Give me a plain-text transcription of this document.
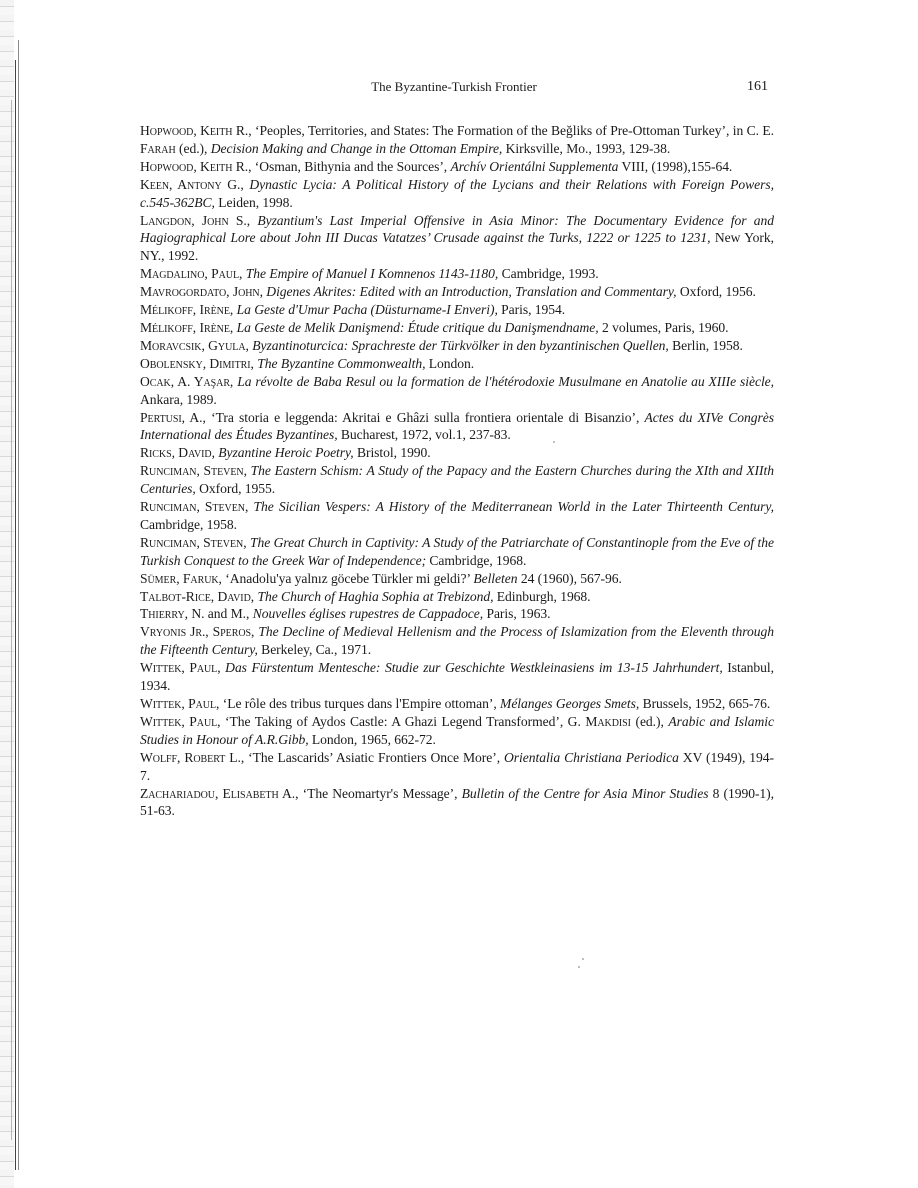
The Byzantine-Turkish Frontier	161

Hopwood, Keith R., ‘Peoples, Territories, and States: The Formation of the Beğliks of Pre-Ottoman Turkey’, in C. E. Farah (ed.), Decision Making and Change in the Ottoman Empire, Kirksville, Mo., 1993, 129-38.

Hopwood, Keith R., ‘Osman, Bithynia and the Sources’, Archív Orientálni Supplementa VIII, (1998),155-64.

Keen, Antony G., Dynastic Lycia: A Political History of the Lycians and their Relations with Foreign Powers, c.545-362BC, Leiden, 1998.

Langdon, John S., Byzantium's Last Imperial Offensive in Asia Minor: The Documentary Evidence for and Hagiographical Lore about John III Ducas Vatatzes’ Crusade against the Turks, 1222 or 1225 to 1231, New York, NY., 1992.

Magdalino, Paul, The Empire of Manuel I Komnenos 1143-1180, Cambridge, 1993.

Mavrogordato, John, Digenes Akrites: Edited with an Introduction, Translation and Commentary, Oxford, 1956.

Mélikoff, Irène, La Geste d'Umur Pacha (Düsturname-I Enveri), Paris, 1954.

Mélikoff, Irène, La Geste de Melik Danişmend: Étude critique du Danişmendname, 2 volumes, Paris, 1960.

Moravcsik, Gyula, Byzantinoturcica: Sprachreste der Türkvölker in den byzantinischen Quellen, Berlin, 1958.

Obolensky, Dimitri, The Byzantine Commonwealth, London.

Ocak, A. Yaşar, La révolte de Baba Resul ou la formation de l'hétérodoxie Musulmane en Anatolie au XIIIe siècle, Ankara, 1989.

Pertusi, A., ‘Tra storia e leggenda: Akritai e Ghâzi sulla frontiera orientale di Bisanzio’, Actes du XIVe Congrès International des Études Byzantines, Bucharest, 1972, vol.1, 237-83.

Ricks, David, Byzantine Heroic Poetry, Bristol, 1990.

Runciman, Steven, The Eastern Schism: A Study of the Papacy and the Eastern Churches during the XIth and XIIth Centuries, Oxford, 1955.

Runciman, Steven, The Sicilian Vespers: A History of the Mediterranean World in the Later Thirteenth Century, Cambridge, 1958.

Runciman, Steven, The Great Church in Captivity: A Study of the Patriarchate of Constantinople from the Eve of the Turkish Conquest to the Greek War of Independence; Cambridge, 1968.

Sümer, Faruk, ‘Anadolu'ya yalnız göcebe Türkler mi geldi?’ Belleten 24 (1960), 567-96.

Talbot-Rice, David, The Church of Haghia Sophia at Trebizond, Edinburgh, 1968.

Thierry, N. and M., Nouvelles églises rupestres de Cappadoce, Paris, 1963.

Vryonis Jr., Speros, The Decline of Medieval Hellenism and the Process of Islamization from the Eleventh through the Fifteenth Century, Berkeley, Ca., 1971.

Wittek, Paul, Das Fürstentum Mentesche: Studie zur Geschichte Westkleinasiens im 13-15 Jahrhundert, Istanbul, 1934.

Wittek, Paul, ‘Le rôle des tribus turques dans l'Empire ottoman’, Mélanges Georges Smets, Brussels, 1952, 665-76.

Wittek, Paul, ‘The Taking of Aydos Castle: A Ghazi Legend Transformed’, G. Makdisi (ed.), Arabic and Islamic Studies in Honour of A.R.Gibb, London, 1965, 662-72.

Wolff, Robert L., ‘The Lascarids’ Asiatic Frontiers Once More’, Orientalia Christiana Periodica XV (1949), 194-7.

Zachariadou, Elisabeth A., ‘The Neomartyr's Message’, Bulletin of the Centre for Asia Minor Studies 8 (1990-1), 51-63.
